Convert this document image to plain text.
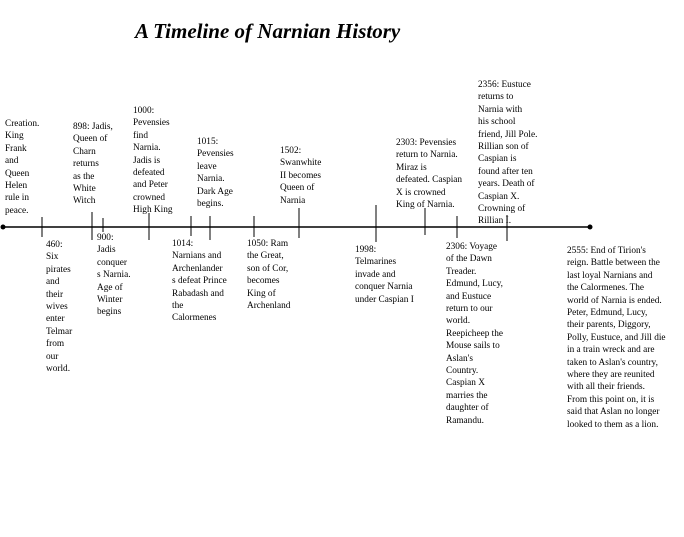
A Timeline of Narnian History
Creation.
King
Frank
and
Queen
Helen
rule in
peace.
898: Jadis,
Queen of
Charn
returns
as the
White
Witch
1000:
Pevensies
find
Narnia.
Jadis is
defeated
and Peter
crowned
High King
1015:
Pevensies
leave
Narnia.
Dark Age
begins.
1502:
Swanwhite
II becomes
Queen of
Narnia
2303: Pevensies
return to Narnia.
Miraz is
defeated. Caspian
X is crowned
King of Narnia.
2356: Eustuce
returns to
Narnia with
his school
friend, Jill Pole.
Rillian son of
Caspian is
found after ten
years. Death of
Caspian X.
Crowning of
Rillian I.
460:
Six
pirates
and
their
wives
enter
Telmar
from
our
world.
900:
Jadis
conquer
s Narnia.
Age of
Winter
begins
1014:
Narnians and
Archenlander
s defeat Prince
Rabadash and
the
Calormenes
1050: Ram
the Great,
son of Cor,
becomes
King of
Archenland
1998:
Telmarines
invade and
conquer Narnia
under Caspian I
2306: Voyage
of the Dawn
Treader.
Edmund, Lucy,
and Eustuce
return to our
world.
Reepicheep the
Mouse sails to
Aslan's
Country.
Caspian X
marries the
daughter of
Ramandu.
2555: End of Tirion's
reign. Battle between the
last loyal Narnians and
the Calormenes. The
world of Narnia is ended.
Peter, Edmund, Lucy,
their parents, Diggory,
Polly, Eustuce, and Jill die
in a train wreck and are
taken to Aslan's country,
where they are reunited
with all their friends.
From this point on, it is
said that Aslan no longer
looked to them as a lion.
